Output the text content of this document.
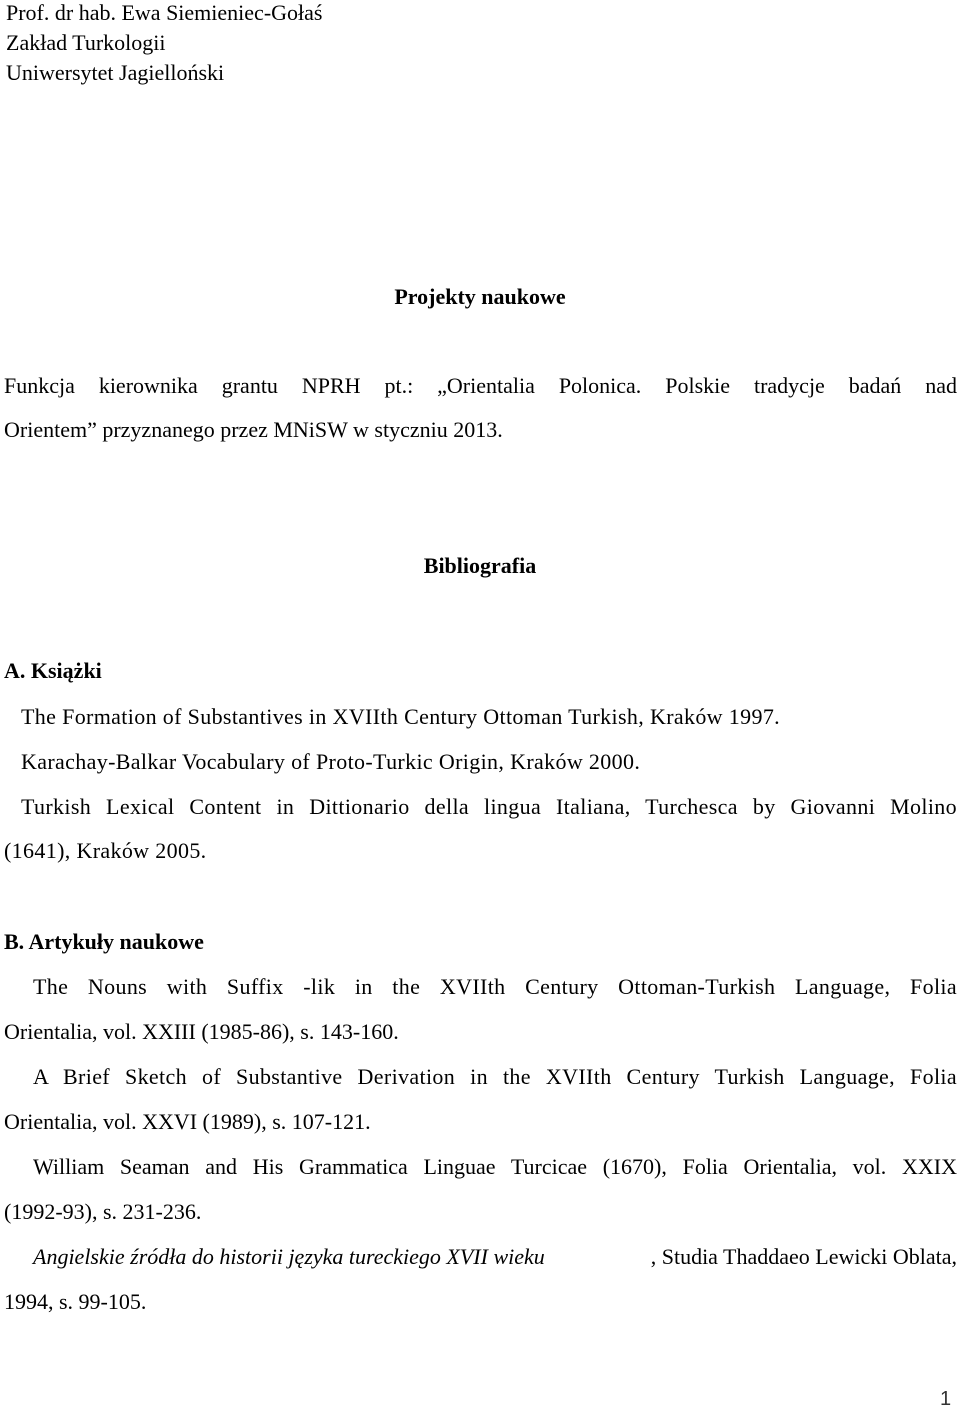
Prof. dr hab. Ewa Siemieniec-Gołaś
Zakład Turkologii
Uniwersytet Jagielloński
Projekty naukowe
Funkcja kierownika grantu NPRH pt.: „Orientalia Polonica. Polskie tradycje badań nad
Orientem” przyznanego przez MNiSW w styczniu 2013.
Bibliografia
A. Książki
The Formation of Substantives in XVIIth Century Ottoman Turkish, Kraków 1997.
Karachay-Balkar Vocabulary of Proto-Turkic Origin, Kraków 2000.
Turkish Lexical Content in Dittionario della lingua Italiana, Turchesca by Giovanni Molino
(1641), Kraków 2005.
B. Artykuły naukowe
The Nouns with Suffix -lik in the XVIIth Century Ottoman-Turkish Language, Folia
Orientalia, vol. XXIII (1985-86), s. 143-160.
A Brief Sketch of Substantive Derivation in the XVIIth Century Turkish Language, Folia
Orientalia, vol. XXVI (1989), s. 107-121.
William Seaman and His Grammatica Linguae Turcicae (1670), Folia Orientalia, vol. XXIX
(1992-93), s. 231-236.
Angielskie źródła do historii języka tureckiego XVII wieku	, Studia Thaddaeo Lewicki Oblata,
1994, s. 99-105.
1
